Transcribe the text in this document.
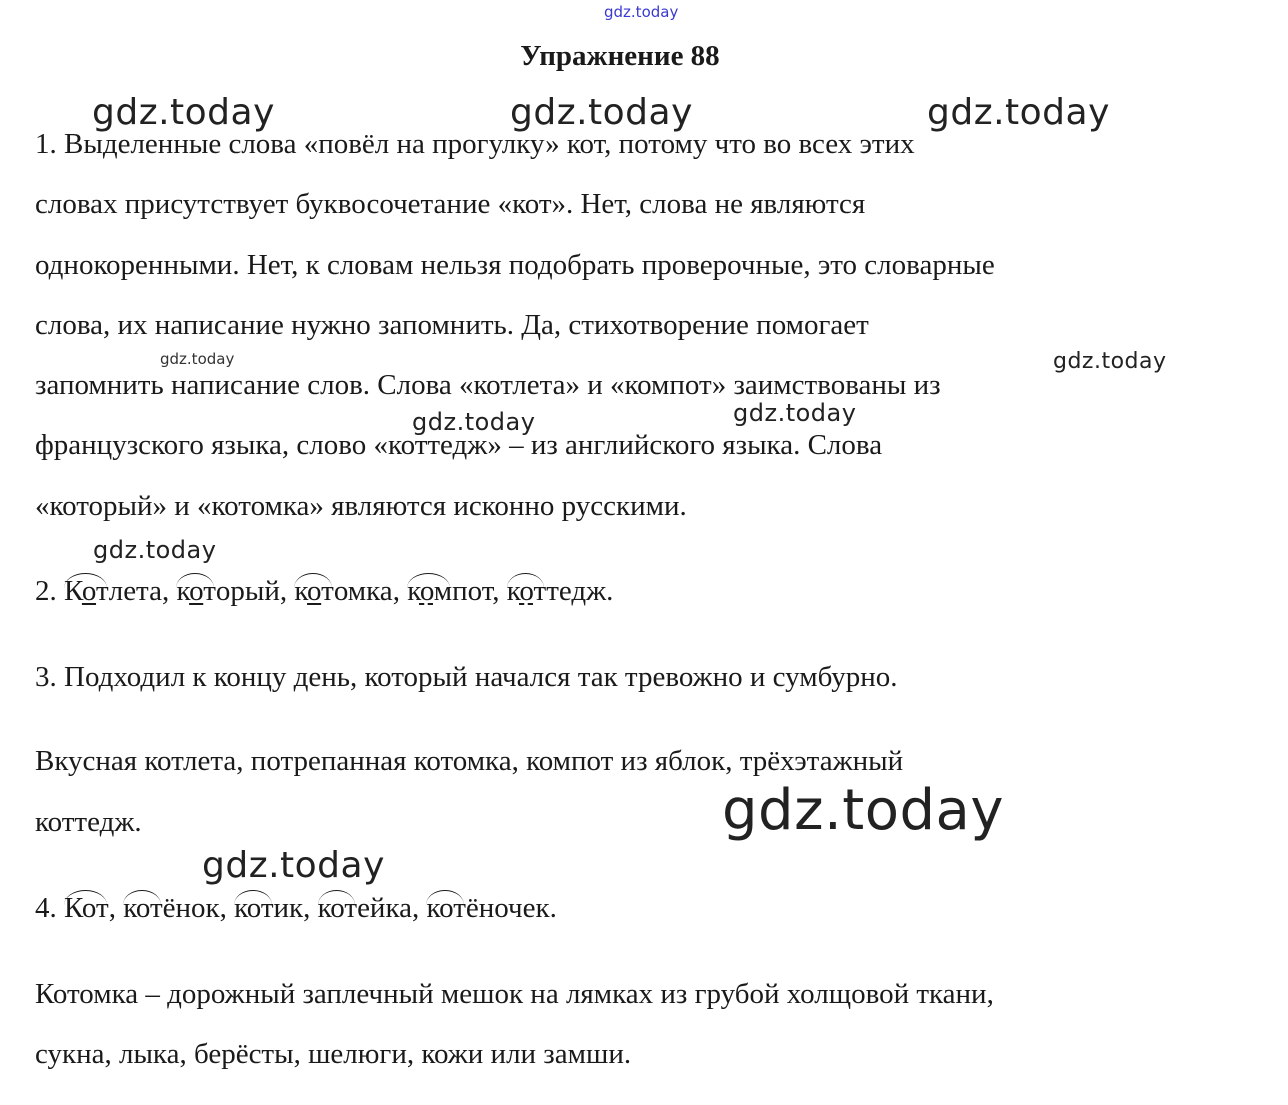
gdz.today
gdz.today	gdz.today	gdz.today
gdz.today	gdz.today
gdz.today	gdz.today
gdz.today
gdz.today
gdz.today
Упражнение 88
1. Выделенные слова «повёл на прогулку» кот, потому что во всех этих
словах присутствует буквосочетание «кот». Нет, слова не являются
однокоренными. Нет, к словам нельзя подобрать проверочные, это словарные
слова, их написание нужно запомнить. Да, стихотворение помогает
запомнить написание слов. Слова «котлета» и «компот» заимствованы из
французского языка, слово «коттедж» – из английского языка. Слова
«который» и «котомка» являются исконно русскими.
2. Котлета, который, котомка, компот, коттедж.
3. Подходил к концу день, который начался так тревожно и сумбурно.
Вкусная котлета, потрепанная котомка, компот из яблок, трёхэтажный
коттедж.
4. Кот, котёнок, котик, котейка, котёночек.
Котомка – дорожный заплечный мешок на лямках из грубой холщовой ткани,
сукна, лыка, берёсты, шелюги, кожи или замши.
